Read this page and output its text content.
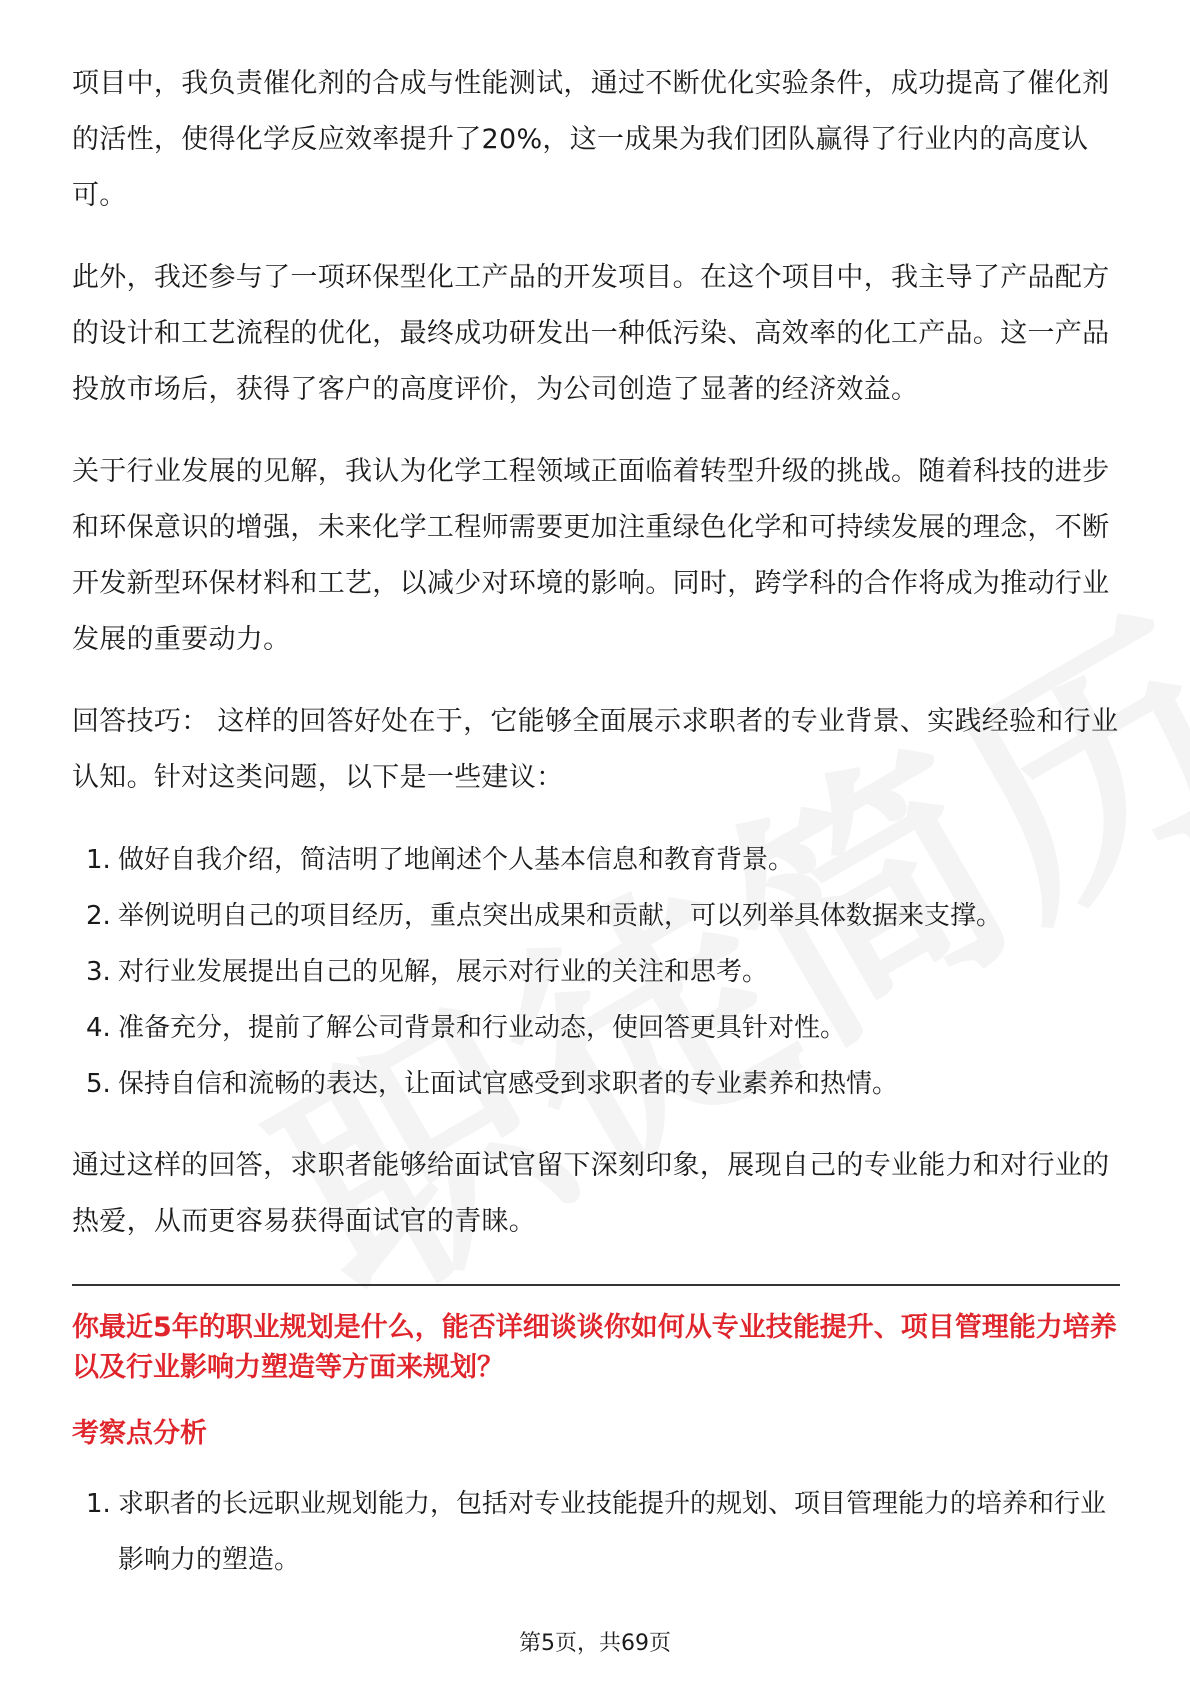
项目中，我负责催化剂的合成与性能测试，通过不断优化实验条件，成功提高了催化剂的活性，使得化学反应效率提升了20%，这一成果为我们团队赢得了行业内的高度认可。

此外，我还参与了一项环保型化工产品的开发项目。在这个项目中，我主导了产品配方的设计和工艺流程的优化，最终成功研发出一种低污染、高效率的化工产品。这一产品投放市场后，获得了客户的高度评价，为公司创造了显著的经济效益。

关于行业发展的见解，我认为化学工程领域正面临着转型升级的挑战。随着科技的进步和环保意识的增强，未来化学工程师需要更加注重绿色化学和可持续发展的理念，不断开发新型环保材料和工艺，以减少对环境的影响。同时，跨学科的合作将成为推动行业发展的重要动力。

回答技巧： 这样的回答好处在于，它能够全面展示求职者的专业背景、实践经验和行业认知。针对这类问题，以下是一些建议：

1. 做好自我介绍，简洁明了地阐述个人基本信息和教育背景。
2. 举例说明自己的项目经历，重点突出成果和贡献，可以列举具体数据来支撑。
3. 对行业发展提出自己的见解，展示对行业的关注和思考。
4. 准备充分，提前了解公司背景和行业动态，使回答更具针对性。
5. 保持自信和流畅的表达，让面试官感受到求职者的专业素养和热情。

通过这样的回答，求职者能够给面试官留下深刻印象，展现自己的专业能力和对行业的热爱，从而更容易获得面试官的青睐。

你最近5年的职业规划是什么，能否详细谈谈你如何从专业技能提升、项目管理能力培养以及行业影响力塑造等方面来规划？

考察点分析

1. 求职者的长远职业规划能力，包括对专业技能提升的规划、项目管理能力的培养和行业影响力的塑造。
第5页，共69页
